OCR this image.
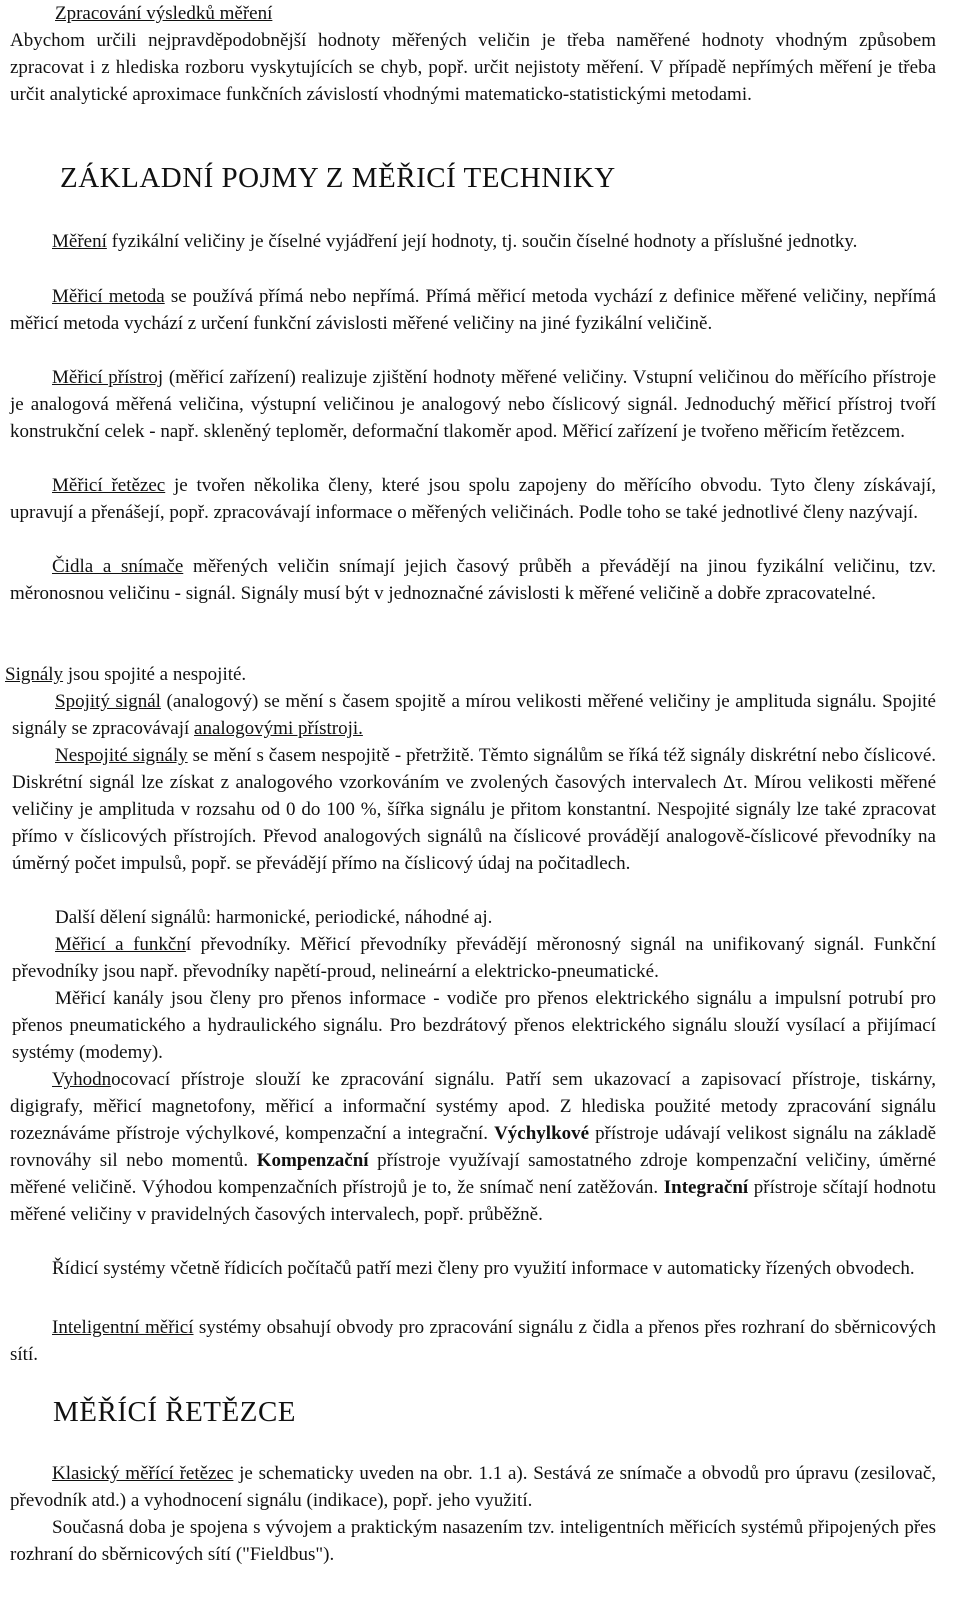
Zpracování výsledků měření

Abychom určili nejpravděpodobnější hodnoty měřených veličin je třeba naměřené hodnoty vhodným způsobem zpracovat i z hlediska rozboru vyskytujících se chyb, popř. určit nejistoty měření. V případě nepřímých měření je třeba určit analytické aproximace funkčních závislostí vhodnými matematicko-statistickými metodami.

ZÁKLADNÍ POJMY Z MĚŘICÍ TECHNIKY

Měření fyzikální veličiny je číselné vyjádření její hodnoty, tj. součin číselné hodnoty a příslušné jednotky.

Měřicí metoda se používá přímá nebo nepřímá. Přímá měřicí metoda vychází z definice měřené veličiny, nepřímá měřicí metoda vychází z určení funkční závislosti měřené veličiny na jiné fyzikální veličině.

Měřicí přístroj (měřicí zařízení) realizuje zjištění hodnoty měřené veličiny. Vstupní veličinou do měřícího přístroje je analogová měřená veličina, výstupní veličinou je analogový nebo číslicový signál. Jednoduchý měřicí přístroj tvoří konstrukční celek - např. skleněný teploměr, deformační tlakoměr apod. Měřicí zařízení je tvořeno měřicím řetězcem.

Měřicí řetězec je tvořen několika členy, které jsou spolu zapojeny do měřícího obvodu. Tyto členy získávají, upravují a přenášejí, popř. zpracovávají informace o měřených veličinách. Podle toho se také jednotlivé členy nazývají.

Čidla a snímače měřených veličin snímají jejich časový průběh a převádějí na jinou fyzikální veličinu, tzv. měronosnou veličinu - signál. Signály musí být v jednoznačné závislosti k měřené veličině a dobře zpracovatelné.

Signály jsou spojité a nespojité.

Spojitý signál (analogový) se mění s časem spojitě a mírou velikosti měřené veličiny je amplituda signálu. Spojité signály se zpracovávají analogovými přístroji.

Nespojité signály se mění s časem nespojitě - přetržitě. Těmto signálům se říká též signály diskrétní nebo číslicové. Diskrétní signál lze získat z analogového vzorkováním ve zvolených časových intervalech Δτ. Mírou velikosti měřené veličiny je amplituda v rozsahu od 0 do 100 %, šířka signálu je přitom konstantní. Nespojité signály lze také zpracovat přímo v číslicových přístrojích. Převod analogových signálů na číslicové provádějí analogově-číslicové převodníky na úměrný počet impulsů, popř. se převádějí přímo na číslicový údaj na počitadlech.

Další dělení signálů: harmonické, periodické, náhodné aj.

Měřicí a funkční převodníky. Měřicí převodníky převádějí měronosný signál na unifikovaný signál. Funkční převodníky jsou např. převodníky napětí-proud, nelineární a elektricko-pneumatické.

Měřicí kanály jsou členy pro přenos informace - vodiče pro přenos elektrického signálu a impulsní potrubí pro přenos pneumatického a hydraulického signálu. Pro bezdrátový přenos elektrického signálu slouží vysílací a přijímací systémy (modemy).

Vyhodnocovací přístroje slouží ke zpracování signálu. Patří sem ukazovací a zapisovací přístroje, tiskárny, digigrafy, měřicí magnetofony, měřicí a informační systémy apod. Z hlediska použité metody zpracování signálu rozeznáváme přístroje výchylkové, kompenzační a integrační. Výchylkové přístroje udávají velikost signálu na základě rovnováhy sil nebo momentů. Kompenzační přístroje využívají samostatného zdroje kompenzační veličiny, úměrné měřené veličině. Výhodou kompenzačních přístrojů je to, že snímač není zatěžován. Integrační přístroje sčítají hodnotu měřené veličiny v pravidelných časových intervalech, popř. průběžně.

Řídicí systémy včetně řídicích počítačů patří mezi členy pro využití informace v automaticky řízených obvodech.

Inteligentní měřicí systémy obsahují obvody pro zpracování signálu z čidla a přenos přes rozhraní do sběrnicových sítí.

MĚŘÍCÍ ŘETĚZCE

Klasický měřící řetězec je schematicky uveden na obr. 1.1 a). Sestává ze snímače a obvodů pro úpravu (zesilovač, převodník atd.) a vyhodnocení signálu (indikace), popř. jeho využití.

Současná doba je spojena s vývojem a praktickým nasazením tzv. inteligentních měřicích systémů připojených přes rozhraní do sběrnicových sítí ("Fieldbus").
